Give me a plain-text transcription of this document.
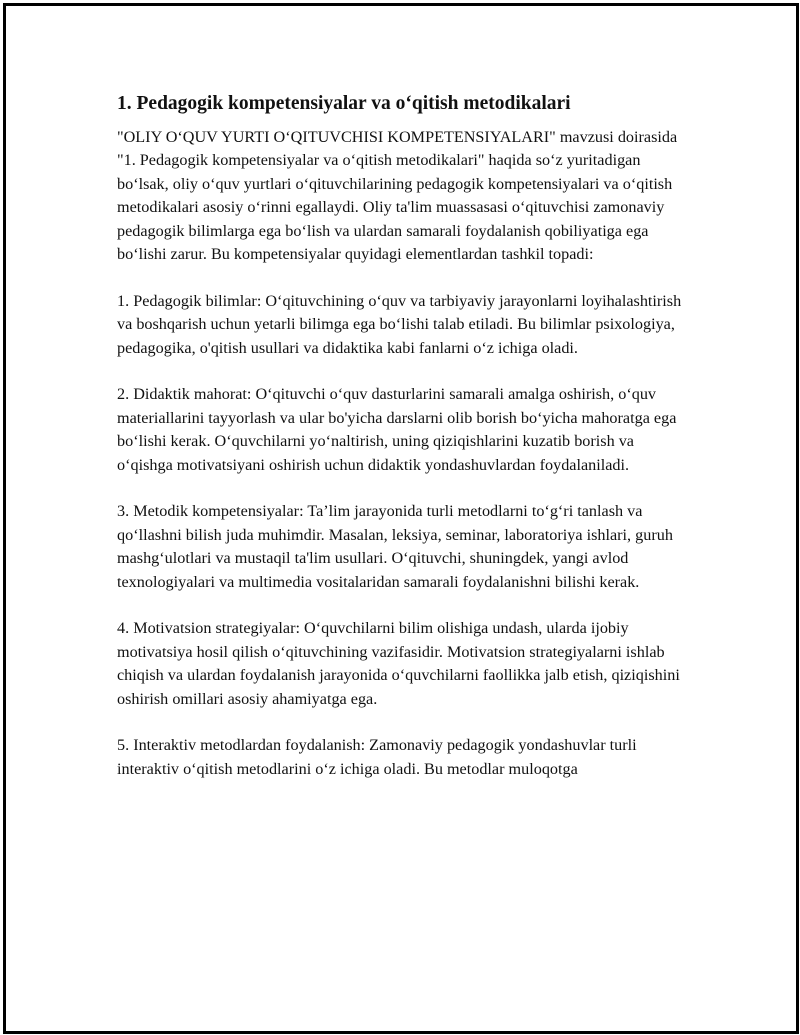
1. Pedagogik kompetensiyalar va o‘qitish metodikalari

"OLIY O‘QUV YURTI O‘QITUVCHISI KOMPETENSIYALARI" mavzusi doirasida "1. Pedagogik kompetensiyalar va o‘qitish metodikalari" haqida so‘z yuritadigan bo‘lsak, oliy o‘quv yurtlari o‘qituvchilarining pedagogik kompetensiyalari va o‘qitish metodikalari asosiy o‘rinni egallaydi. Oliy ta'lim muassasasi o‘qituvchisi zamonaviy pedagogik bilimlarga ega bo‘lish va ulardan samarali foydalanish qobiliyatiga ega bo‘lishi zarur. Bu kompetensiyalar quyidagi elementlardan tashkil topadi:

1. Pedagogik bilimlar: O‘qituvchining o‘quv va tarbiyaviy jarayonlarni loyihalashtirish va boshqarish uchun yetarli bilimga ega bo‘lishi talab etiladi. Bu bilimlar psixologiya, pedagogika, o'qitish usullari va didaktika kabi fanlarni o‘z ichiga oladi.

2. Didaktik mahorat: O‘qituvchi o‘quv dasturlarini samarali amalga oshirish, o‘quv materiallarini tayyorlash va ular bo'yicha darslarni olib borish bo‘yicha mahoratga ega bo‘lishi kerak. O‘quvchilarni yo‘naltirish, uning qiziqishlarini kuzatib borish va o‘qishga motivatsiyani oshirish uchun didaktik yondashuvlardan foydalaniladi.

3. Metodik kompetensiyalar: Ta’lim jarayonida turli metodlarni to‘g‘ri tanlash va qo‘llashni bilish juda muhimdir. Masalan, leksiya, seminar, laboratoriya ishlari, guruh mashg‘ulotlari va mustaqil ta'lim usullari. O‘qituvchi, shuningdek, yangi avlod texnologiyalari va multimedia vositalaridan samarali foydalanishni bilishi kerak.

4. Motivatsion strategiyalar: O‘quvchilarni bilim olishiga undash, ularda ijobiy motivatsiya hosil qilish o‘qituvchining vazifasidir. Motivatsion strategiyalarni ishlab chiqish va ulardan foydalanish jarayonida o‘quvchilarni faollikka jalb etish, qiziqishini oshirish omillari asosiy ahamiyatga ega.

5. Interaktiv metodlardan foydalanish: Zamonaviy pedagogik yondashuvlar turli interaktiv o‘qitish metodlarini o‘z ichiga oladi. Bu metodlar muloqotga
